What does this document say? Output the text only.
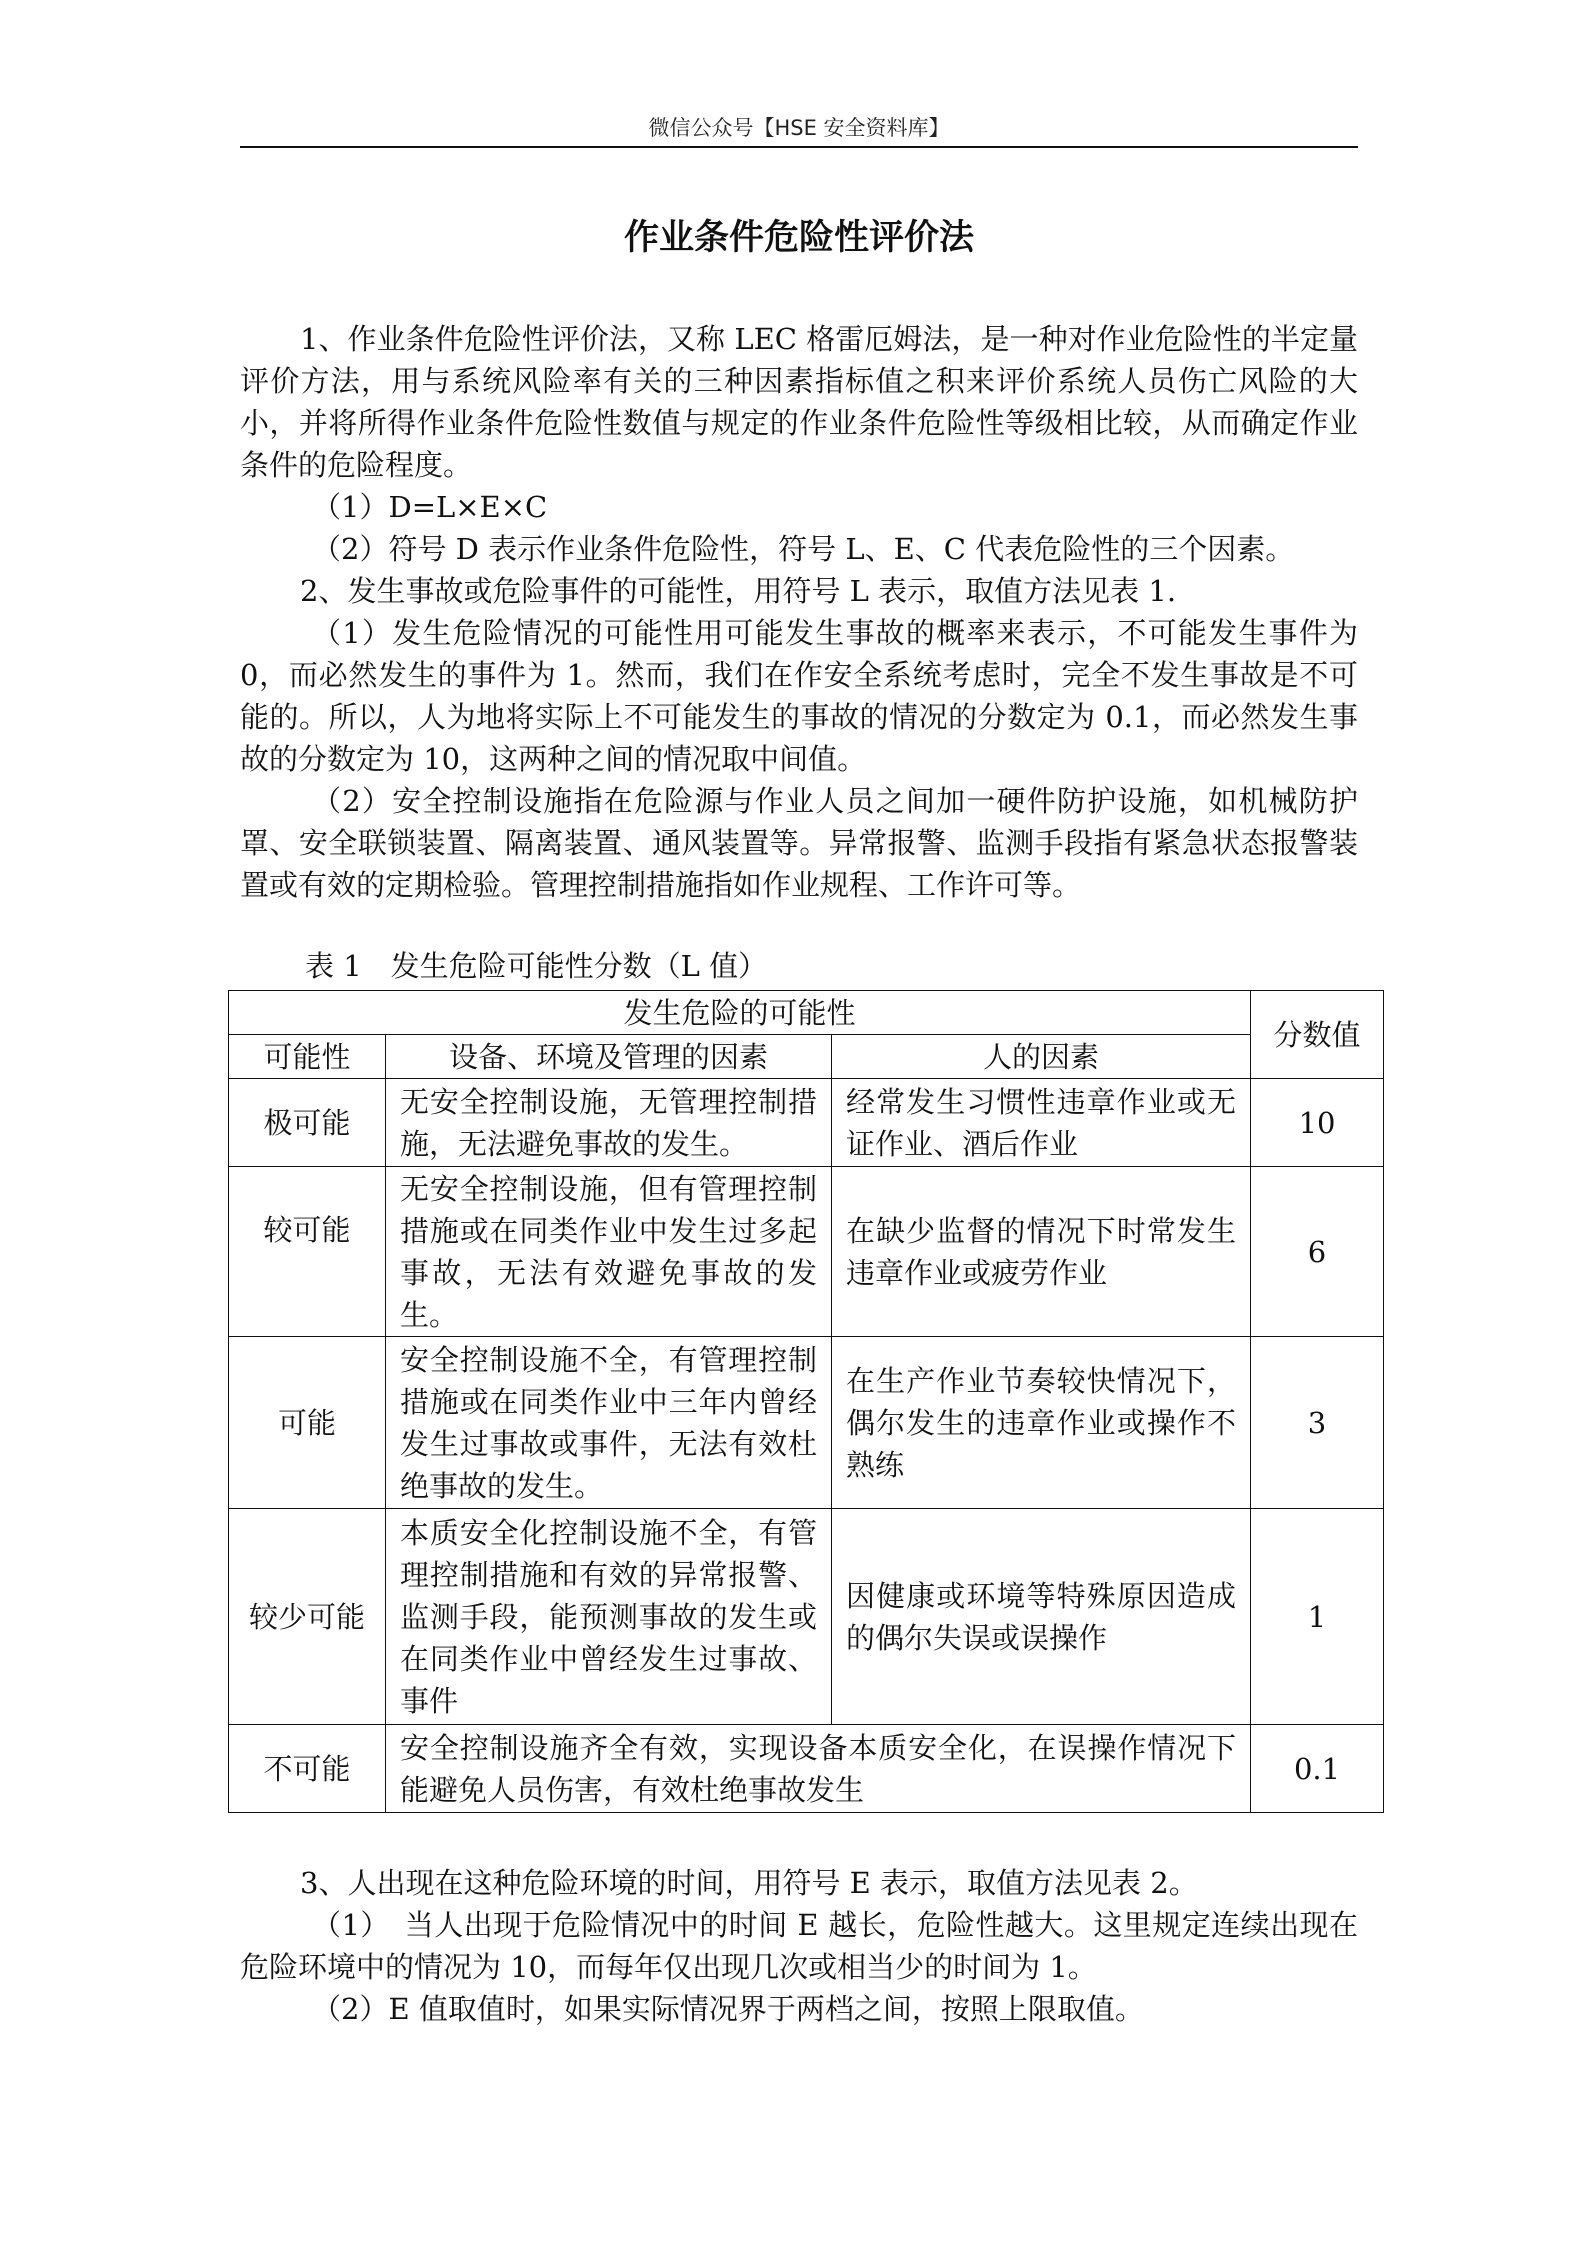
微信公众号【HSE 安全资料库】
作业条件危险性评价法

1、作业条件危险性评价法，又称 LEC 格雷厄姆法，是一种对作业危险性的半定量评价方法，用与系统风险率有关的三种因素指标值之积来评价系统人员伤亡风险的大小，并将所得作业条件危险性数值与规定的作业条件危险性等级相比较，从而确定作业条件的危险程度。

（1）D=L×E×C

（2）符号 D 表示作业条件危险性，符号 L、E、C 代表危险性的三个因素。

2、发生事故或危险事件的可能性，用符号 L 表示，取值方法见表 1.

（1）发生危险情况的可能性用可能发生事故的概率来表示，不可能发生事件为 0，而必然发生的事件为 1。然而，我们在作安全系统考虑时，完全不发生事故是不可能的。所以，人为地将实际上不可能发生的事故的情况的分数定为 0.1，而必然发生事故的分数定为 10，这两种之间的情况取中间值。

（2）安全控制设施指在危险源与作业人员之间加一硬件防护设施，如机械防护罩、安全联锁装置、隔离装置、通风装置等。异常报警、监测手段指有紧急状态报警装置或有效的定期检验。管理控制措施指如作业规程、工作许可等。

表 1　发生危险可能性分数（L 值）
发生危险的可能性			分数值
可能性	设备、环境及管理的因素	人的因素	
极可能	无安全控制设施，无管理控制措施，无法避免事故的发生。	经常发生习惯性违章作业或无证作业、酒后作业	10
较可能	无安全控制设施，但有管理控制措施或在同类作业中发生过多起事故，无法有效避免事故的发生。	在缺少监督的情况下时常发生违章作业或疲劳作业	6
可能	安全控制设施不全，有管理控制措施或在同类作业中三年内曾经发生过事故或事件，无法有效杜绝事故的发生。	在生产作业节奏较快情况下，偶尔发生的违章作业或操作不熟练	3
较少可能	本质安全化控制设施不全，有管理控制措施和有效的异常报警、监测手段，能预测事故的发生或在同类作业中曾经发生过事故、事件	因健康或环境等特殊原因造成的偶尔失误或误操作	1
不可能	安全控制设施齐全有效，实现设备本质安全化，在误操作情况下能避免人员伤害，有效杜绝事故发生		0.1

3、人出现在这种危险环境的时间，用符号 E 表示，取值方法见表 2。

（1）　当人出现于危险情况中的时间 E 越长，危险性越大。这里规定连续出现在危险环境中的情况为 10，而每年仅出现几次或相当少的时间为 1。

（2）E 值取值时，如果实际情况界于两档之间，按照上限取值。
